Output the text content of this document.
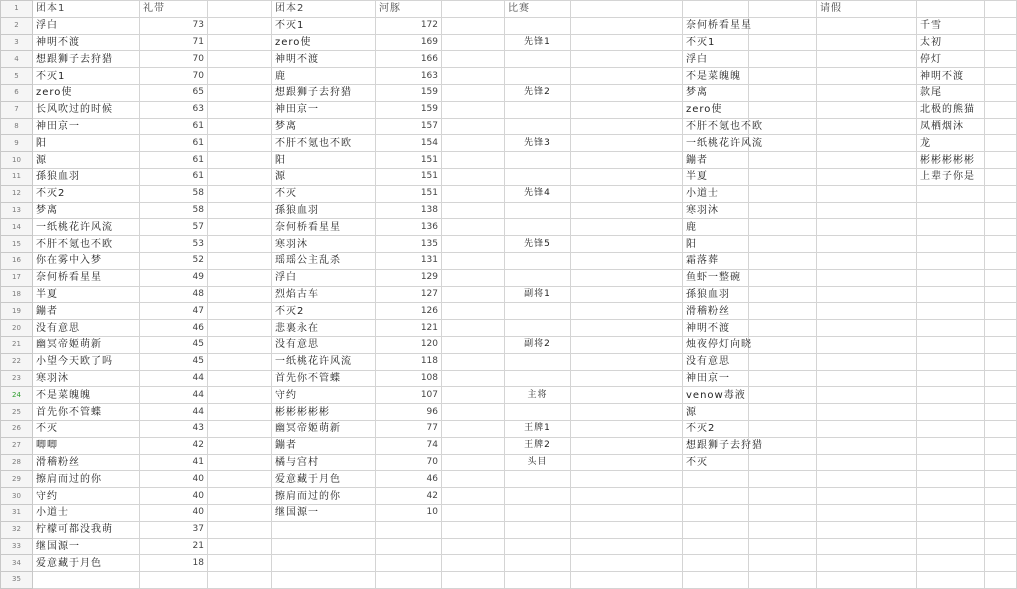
1	团本1	礼带		团本2	河豚		比赛				请假		
2	浮白	73		不灭1	172				奈何桥看星星			千雪	
3	神明不渡	71		zero使	169		先锋1		不灭1			太初	
4	想跟狮子去狩猎	70		神明不渡	166				浮白			停灯	
5	不灭1	70		鹿	163				不是菜魄魄			神明不渡	
6	zero使	65		想跟狮子去狩猎	159		先锋2		梦离			款尾	
7	长风吹过的时候	63		神田京一	159				zero使			北极的熊猫	
8	神田京一	61		梦离	157				不肝不氪也不欧			凤栖烟沐	
9	阳	61		不肝不氪也不欧	154		先锋3		一纸桃花许风流			龙	
10	源	61		阳	151				鏰者			彬彬彬彬彬	
11	孫狼血羽	61		源	151				半夏			上辈子你是	
12	不灭2	58		不灭	151		先锋4		小道士				
13	梦离	58		孫狼血羽	138				寒羽沐				
14	一纸桃花许风流	57		奈何桥看星星	136				鹿				
15	不肝不氪也不欧	53		寒羽沐	135		先锋5		阳				
16	你在雾中入梦	52		瑶瑶公主乱杀	131				霜落葬				
17	奈何桥看星星	49		浮白	129				鱼虾一整碗				
18	半夏	48		烈焰古车	127		副将1		孫狼血羽				
19	鏰者	47		不灭2	126				滑稽粉丝				
20	没有意思	46		悲裏永在	121				神明不渡				
21	幽冥帝姬萌新	45		没有意思	120		副将2		烛夜停灯向晓				
22	小望今天欧了吗	45		一纸桃花许风流	118				没有意思				
23	寒羽沐	44		首先你不管蝶	108				神田京一				
24	不是菜魄魄	44		守约	107		主将		venow毒液				
25	首先你不管蝶	44		彬彬彬彬彬	96				源				
26	不灭	43		幽冥帝姬萌新	77		王牌1		不灭2				
27	唧唧	42		鏰者	74		王牌2		想跟狮子去狩猎				
28	滑稽粉丝	41		橘与宫村	70		头目		不灭				
29	擦肩而过的你	40		爱意藏于月色	46								
30	守约	40		擦肩而过的你	42								
31	小道士	40		继国源一	10								
32	柠檬可都没我萌	37											
33	继国源一	21											
34	爱意藏于月色	18											
35													
